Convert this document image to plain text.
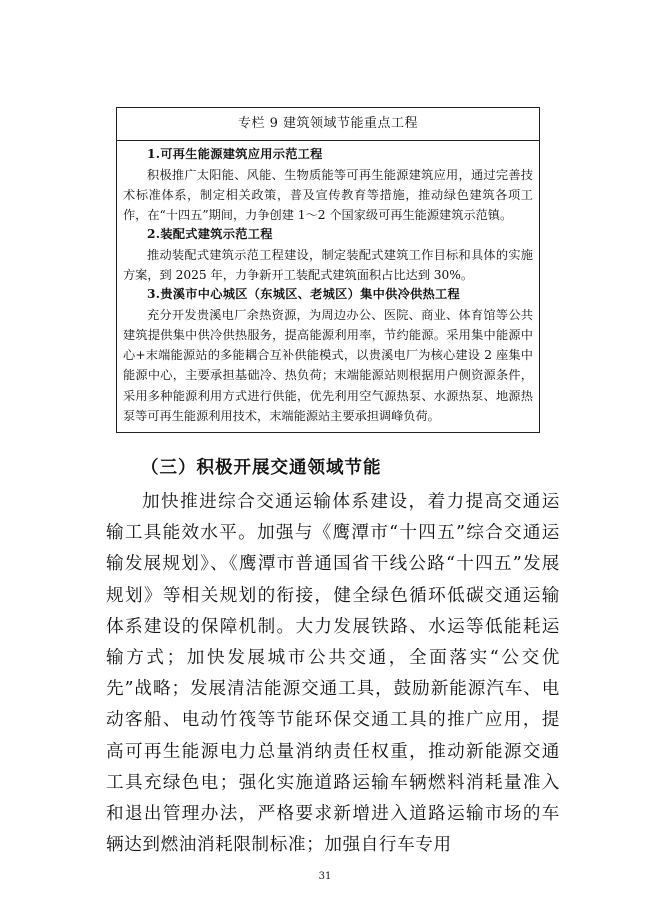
专栏 9 建筑领域节能重点工程
1.可再生能源建筑应用示范工程

积极推广太阳能、风能、生物质能等可再生能源建筑应用，通过完善技术标准体系，制定相关政策，普及宣传教育等措施，推动绿色建筑各项工作，在“十四五”期间，力争创建 1～2 个国家级可再生能源建筑示范镇。

2.装配式建筑示范工程

推动装配式建筑示范工程建设，制定装配式建筑工作目标和具体的实施方案，到 2025 年，力争新开工装配式建筑面积占比达到 30%。

3.贵溪市中心城区（东城区、老城区）集中供冷供热工程

充分开发贵溪电厂余热资源，为周边办公、医院、商业、体育馆等公共建筑提供集中供冷供热服务，提高能源利用率，节约能源。采用集中能源中心+末端能源站的多能耦合互补供能模式，以贵溪电厂为核心建设 2 座集中能源中心，主要承担基础冷、热负荷；末端能源站则根据用户侧资源条件，采用多种能源利用方式进行供能，优先利用空气源热泵、水源热泵、地源热泵等可再生能源利用技术，末端能源站主要承担调峰负荷。

（三）积极开展交通领域节能

加快推进综合交通运输体系建设，着力提高交通运输工具能效水平。加强与《鹰潭市“十四五”综合交通运输发展规划》、《鹰潭市普通国省干线公路“十四五”发展规划》等相关规划的衔接，健全绿色循环低碳交通运输体系建设的保障机制。大力发展铁路、水运等低能耗运输方式；加快发展城市公共交通，全面落实“公交优先”战略；发展清洁能源交通工具，鼓励新能源汽车、电动客船、电动竹筏等节能环保交通工具的推广应用，提高可再生能源电力总量消纳责任权重，推动新能源交通工具充绿色电；强化实施道路运输车辆燃料消耗量准入和退出管理办法，严格要求新增进入道路运输市场的车辆达到燃油消耗限制标准；加强自行车专用

31
